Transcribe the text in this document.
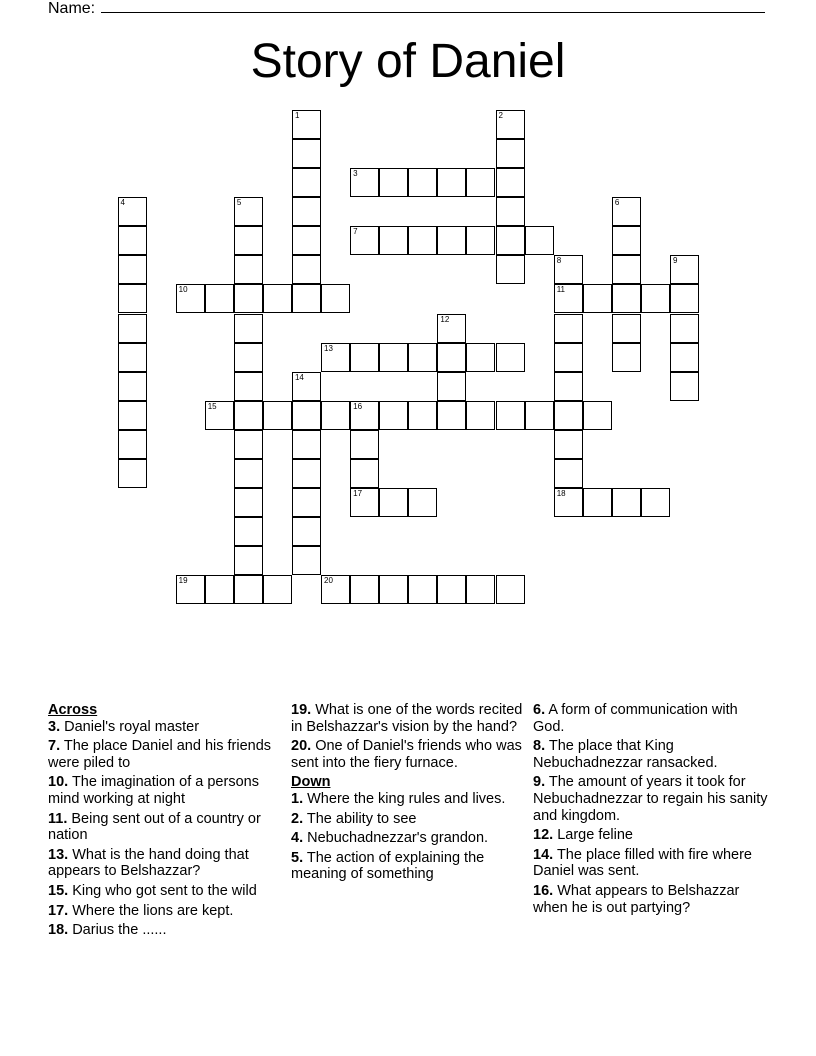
Name:
Story of Daniel
1	2
3
4	5	6
7
8
11
18
9
10
12
13
14
15	16
17
19	20
Across
3. Daniel's royal master
7. The place Daniel and his friends were piled to
10. The imagination of a persons mind working at night
11. Being sent out of a country or nation
13. What is the hand doing that appears to Belshazzar?
15. King who got sent to the wild
17. Where the lions are kept.
18. Darius the ......
19. What is one of the words recited in Belshazzar's vision by the hand?
20. One of Daniel's friends who was sent into the fiery furnace.
Down
1. Where the king rules and lives.
2. The ability to see
4. Nebuchadnezzar's grandon.
5. The action of explaining the meaning of something
6. A form of communication with God.
8. The place that King Nebuchadnezzar ransacked.
9. The amount of years it took for Nebuchadnezzar to regain his sanity and kingdom.
12. Large feline
14. The place filled with fire where Daniel was sent.
16. What appears to Belshazzar when he is out partying?
